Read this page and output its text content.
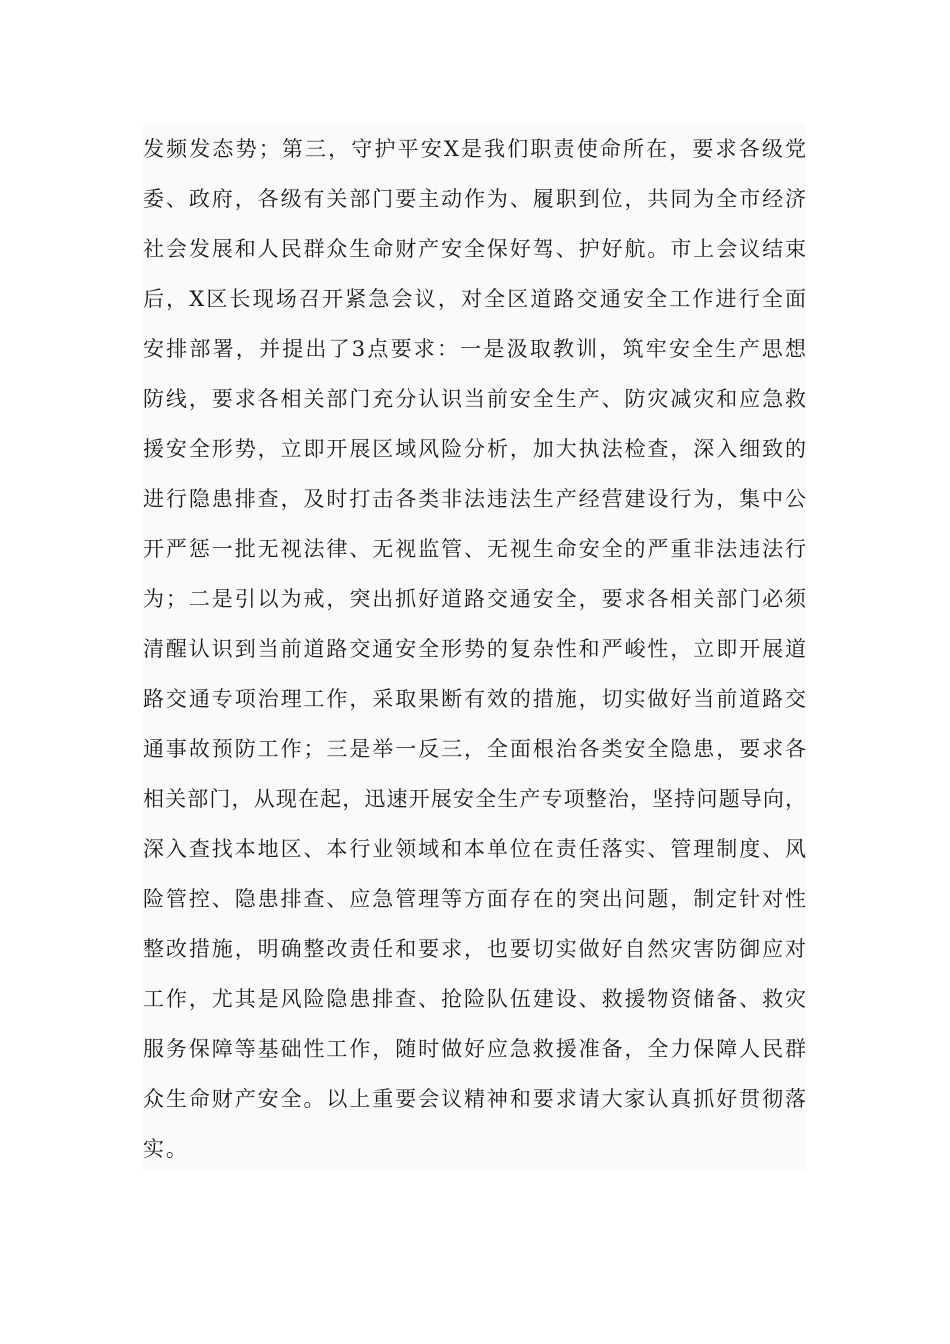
发频发态势；第三，守护平安X是我们职责使命所在，要求各级党
委、政府，各级有关部门要主动作为、履职到位，共同为全市经济
社会发展和人民群众生命财产安全保好驾、护好航。市上会议结束
后，X区长现场召开紧急会议，对全区道路交通安全工作进行全面
安排部署，并提出了3点要求：一是汲取教训，筑牢安全生产思想
防线，要求各相关部门充分认识当前安全生产、防灾减灾和应急救
援安全形势，立即开展区域风险分析，加大执法检查，深入细致的
进行隐患排查，及时打击各类非法违法生产经营建设行为，集中公
开严惩一批无视法律、无视监管、无视生命安全的严重非法违法行
为；二是引以为戒，突出抓好道路交通安全，要求各相关部门必须
清醒认识到当前道路交通安全形势的复杂性和严峻性，立即开展道
路交通专项治理工作，采取果断有效的措施，切实做好当前道路交
通事故预防工作；三是举一反三，全面根治各类安全隐患，要求各
相关部门，从现在起，迅速开展安全生产专项整治，坚持问题导向，
深入查找本地区、本行业领域和本单位在责任落实、管理制度、风
险管控、隐患排查、应急管理等方面存在的突出问题，制定针对性
整改措施，明确整改责任和要求，也要切实做好自然灾害防御应对
工作，尤其是风险隐患排查、抢险队伍建设、救援物资储备、救灾
服务保障等基础性工作，随时做好应急救援准备，全力保障人民群
众生命财产安全。以上重要会议精神和要求请大家认真抓好贯彻落
实。
